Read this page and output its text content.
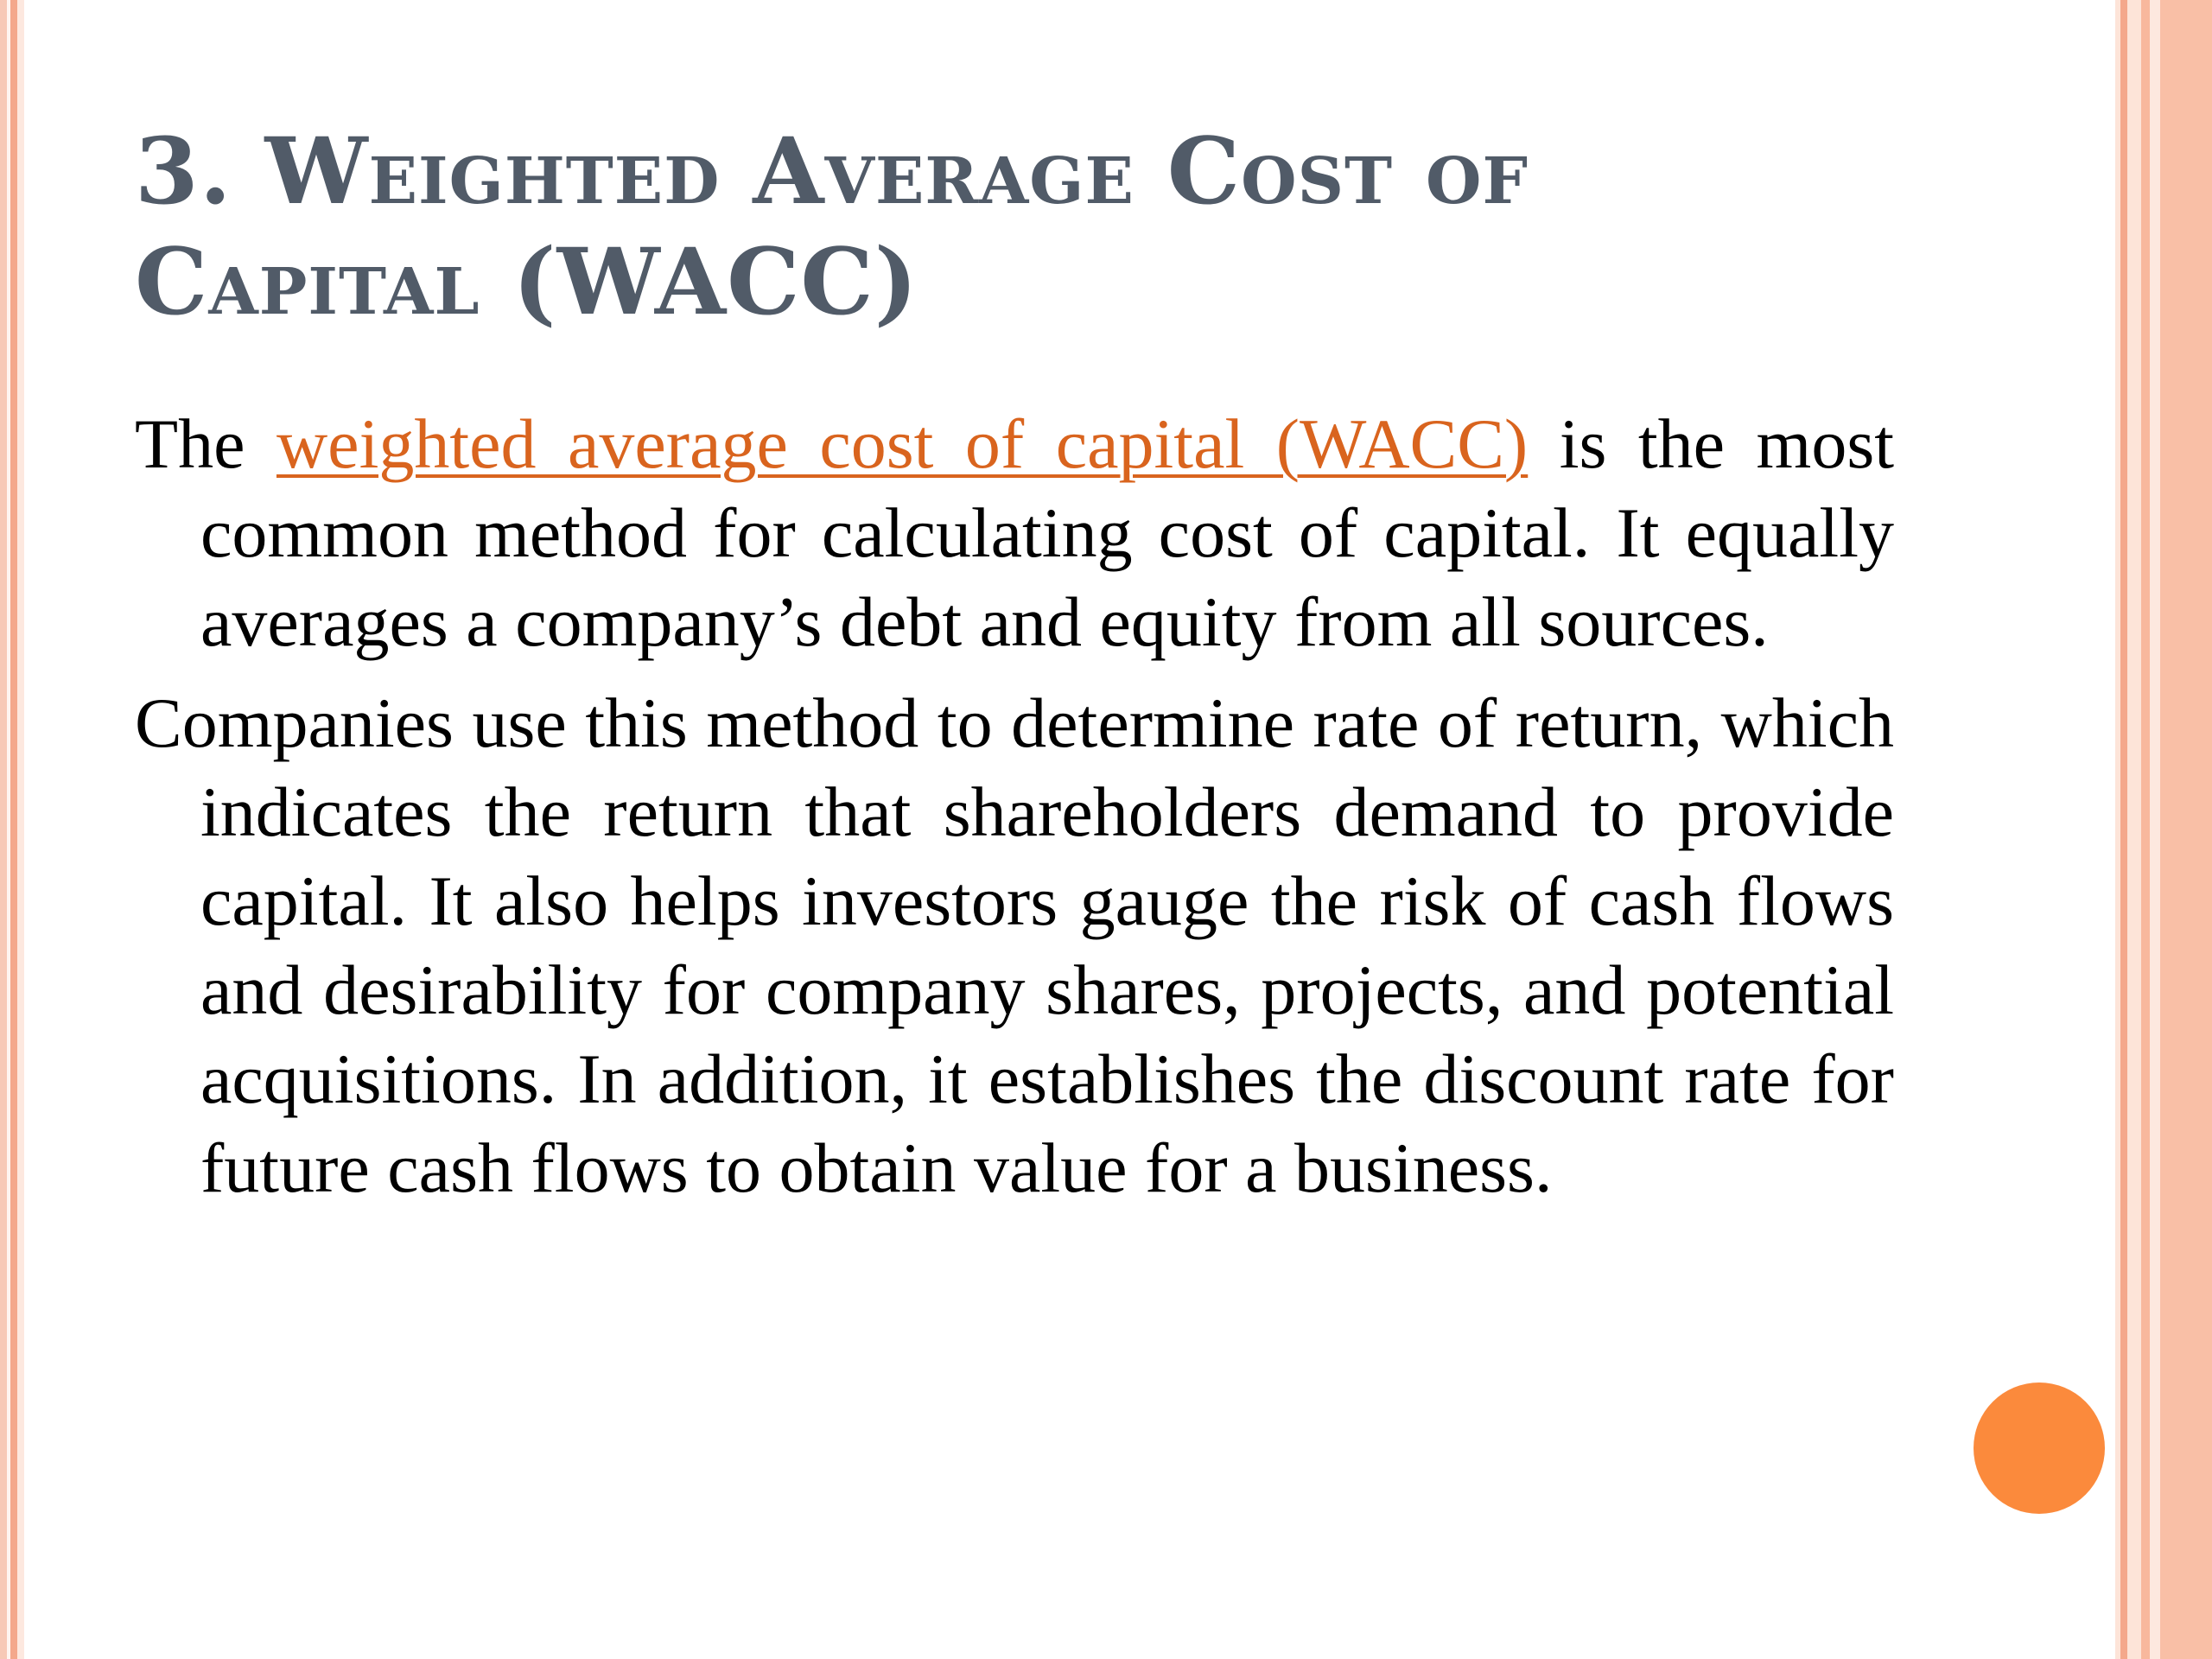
3. Weighted Average Cost of
Capital (WACC)

The weighted average cost of capital (WACC) is the most common method for calculating cost of capital. It equally averages a company’s debt and equity from all sources.

Companies use this method to determine rate of return, which indicates the return that shareholders demand to provide capital. It also helps investors gauge the risk of cash flows and desirability for company shares, projects, and potential acquisitions. In addition, it establishes the discount rate for future cash flows to obtain value for a business.
